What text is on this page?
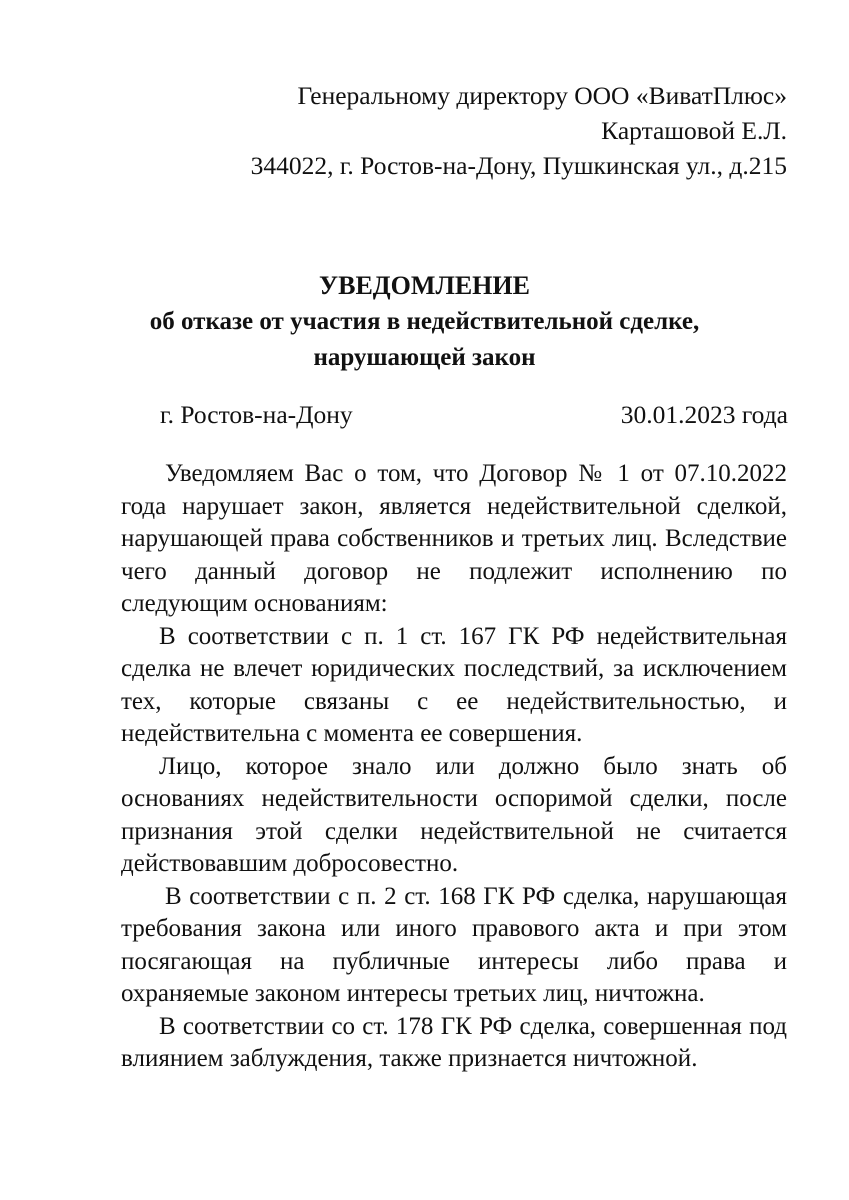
Генеральному директору ООО «ВиватПлюс»
Карташовой Е.Л.
344022, г. Ростов-на-Дону, Пушкинская ул., д.215
УВЕДОМЛЕНИЕ
об отказе от участия в недействительной сделке,
нарушающей закон
г. Ростов-на-Дону	30.01.2023 года

Уведомляем Вас о том, что Договор № 1 от 07.10.2022 года нарушает закон, является недействительной сделкой, нарушающей права собственников и третьих лиц. Вследствие чего данный договор не подлежит исполнению по следующим основаниям:

В соответствии с п. 1 ст. 167 ГК РФ недействительная сделка не влечет юридических последствий, за исключением тех, которые связаны с ее недействительностью, и недействительна с момента ее совершения.

Лицо, которое знало или должно было знать об основаниях недействительности оспоримой сделки, после признания этой сделки недействительной не считается действовавшим добросовестно.

В соответствии с п. 2 ст. 168 ГК РФ сделка, нарушающая требования закона или иного правового акта и при этом посягающая на публичные интересы либо права и охраняемые законом интересы третьих лиц, ничтожна.

В соответствии со ст. 178 ГК РФ сделка, совершенная под влиянием заблуждения, также признается ничтожной.
